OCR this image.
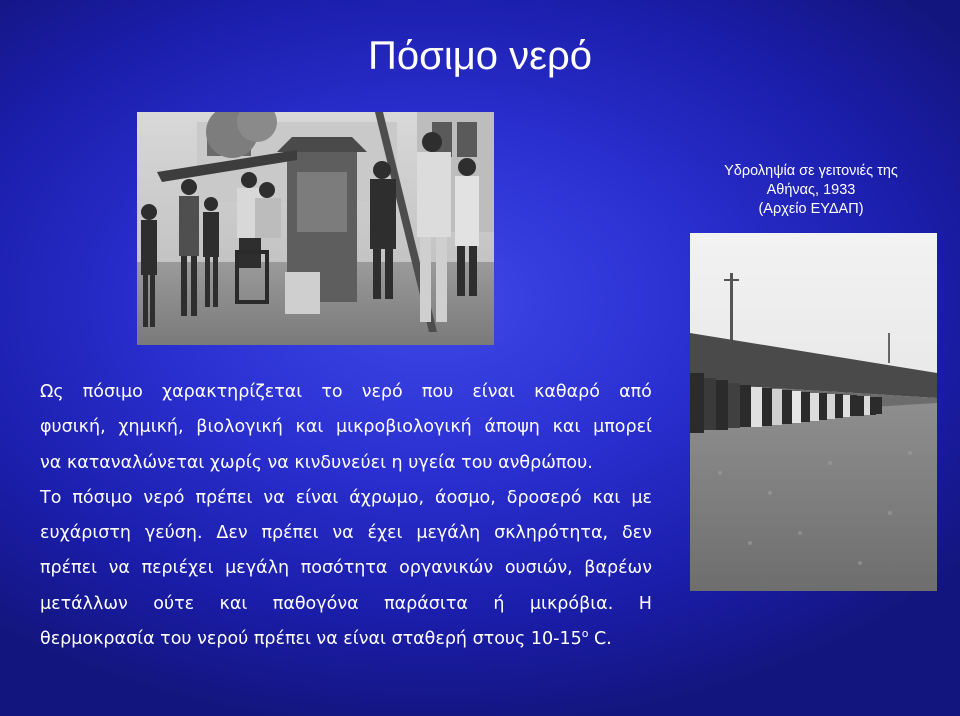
Πόσιμο νερό
Υδροληψία σε γειτονιές της
Αθήνας, 1933
(Αρχείο ΕΥΔΑΠ)
Ως πόσιμο χαρακτηρίζεται το νερό που είναι καθαρό από
φυσική, χημική, βιολογική και μικροβιολογική άποψη και μπορεί
να καταναλώνεται χωρίς να κινδυνεύει η υγεία του ανθρώπου.
Το πόσιμο νερό πρέπει να είναι άχρωμο, άοσμο, δροσερό και με
ευχάριστη γεύση. Δεν πρέπει να έχει μεγάλη σκληρότητα, δεν
πρέπει να περιέχει μεγάλη ποσότητα οργανικών ουσιών, βαρέων
μετάλλων ούτε και παθογόνα παράσιτα ή μικρόβια. Η
θερμοκρασία του νερού πρέπει να είναι σταθερή στους $10-15^o$ C.
